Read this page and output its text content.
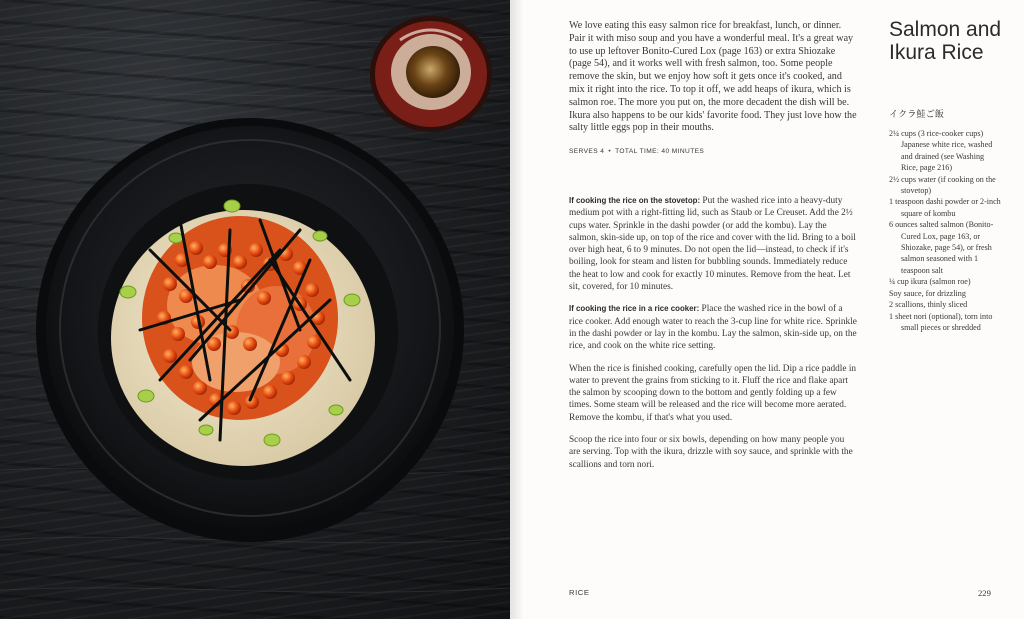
We love eating this easy salmon rice for breakfast, lunch, or dinner. Pair it with miso soup and you have a wonderful meal. It's a great way to use up leftover Bonito-Cured Lox (page 163) or extra Shiozake (page 54), and it works well with fresh salmon, too. Some people remove the skin, but we enjoy how soft it gets once it's cooked, and mix it right into the rice. To top it off, we add heaps of ikura, which is salmon roe. The more you put on, the more decadent the dish will be. Ikura also happens to be our kids' favorite food. They just love how the salty little eggs pop in their mouths.

SERVES 4 • TOTAL TIME: 40 MINUTES

If cooking the rice on the stovetop: Put the washed rice into a heavy-duty medium pot with a right-fitting lid, such as Staub or Le Creuset. Add the 2½ cups water. Sprinkle in the dashi powder (or add the kombu). Lay the salmon, skin-side up, on top of the rice and cover with the lid. Bring to a boil over high heat, 6 to 9 minutes. Do not open the lid—instead, to check if it's boiling, look for steam and listen for bubbling sounds. Immediately reduce the heat to low and cook for exactly 10 minutes. Remove from the heat. Let sit, covered, for 10 minutes.

If cooking the rice in a rice cooker: Place the washed rice in the bowl of a rice cooker. Add enough water to reach the 3-cup line for white rice. Sprinkle in the dashi powder or lay in the kombu. Lay the salmon, skin-side up, on the rice, and cook on the white rice setting.

When the rice is finished cooking, carefully open the lid. Dip a rice paddle in water to prevent the grains from sticking to it. Fluff the rice and flake apart the salmon by scooping down to the bottom and gently folding up a few times. Some steam will be released and the rice will become more aerated. Remove the kombu, if that's what you used.

Scoop the rice into four or six bowls, depending on how many people you are serving. Top with the ikura, drizzle with soy sauce, and sprinkle with the scallions and torn nori.

Salmon and Ikura Rice
イクラ鮭ご飯
2¼ cups (3 rice-cooker cups) Japanese white rice, washed and drained (see Washing Rice, page 216)
2½ cups water (if cooking on the stovetop)
1 teaspoon dashi powder or 2-inch square of kombu
6 ounces salted salmon (Bonito-Cured Lox, page 163, or Shiozake, page 54), or fresh salmon seasoned with 1 teaspoon salt
¼ cup ikura (salmon roe)
Soy sauce, for drizzling
2 scallions, thinly sliced
1 sheet nori (optional), torn into small pieces or shredded
RICE	229
